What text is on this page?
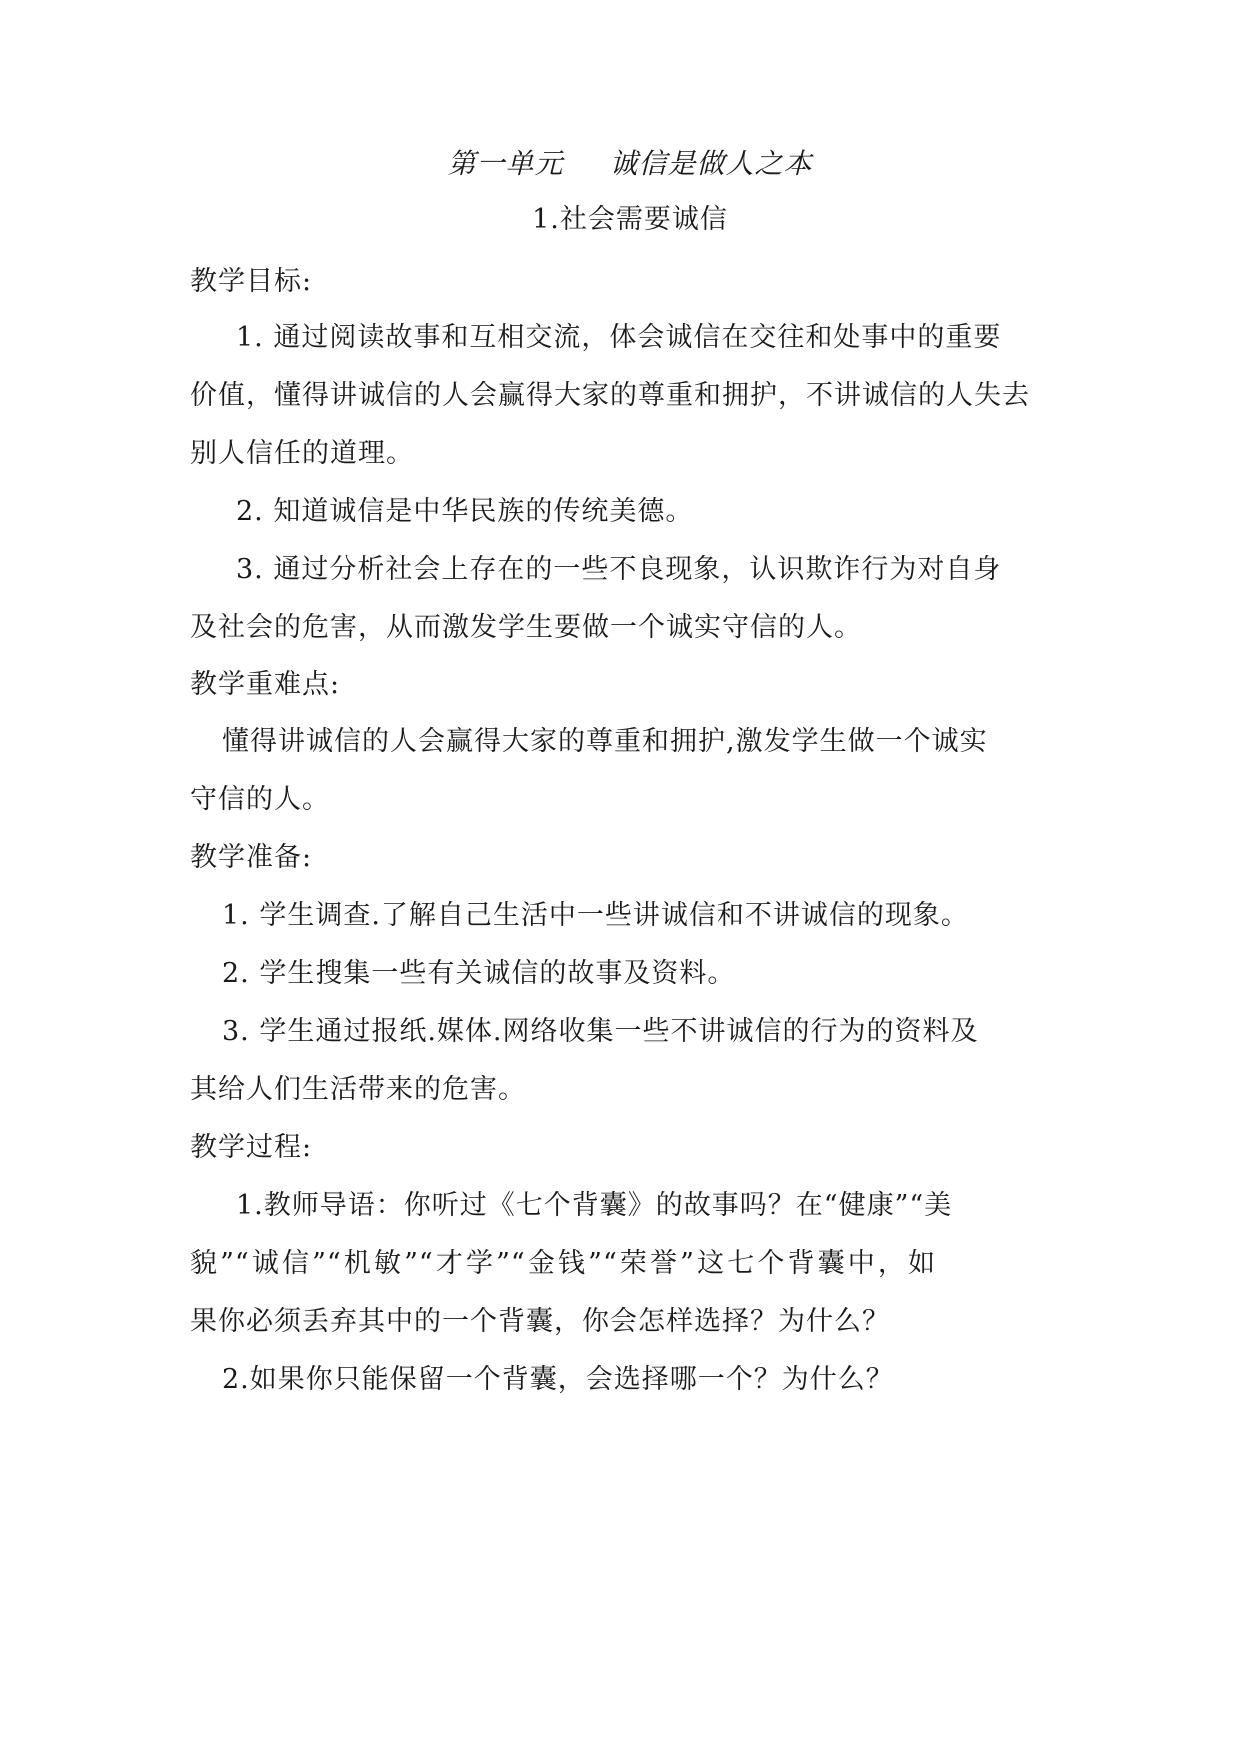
第一单元 诚信是做人之本
1.社会需要诚信
教学目标:
1. 通过阅读故事和互相交流，体会诚信在交往和处事中的重要
价值，懂得讲诚信的人会赢得大家的尊重和拥护，不讲诚信的人失去
别人信任的道理。
2. 知道诚信是中华民族的传统美德。
3. 通过分析社会上存在的一些不良现象，认识欺诈行为对自身
及社会的危害，从而激发学生要做一个诚实守信的人。
教学重难点:
懂得讲诚信的人会赢得大家的尊重和拥护,激发学生做一个诚实
守信的人。
教学准备:
1. 学生调查.了解自己生活中一些讲诚信和不讲诚信的现象。
2. 学生搜集一些有关诚信的故事及资料。
3. 学生通过报纸.媒体.网络收集一些不讲诚信的行为的资料及
其给人们生活带来的危害。
教学过程:
1.教师导语：你听过《七个背囊》的故事吗？在“健康”“美
貌”“诚信”“机敏”“才学”“金钱”“荣誉”这七个背囊中，如
果你必须丢弃其中的一个背囊，你会怎样选择？为什么？
2.如果你只能保留一个背囊，会选择哪一个？为什么？
